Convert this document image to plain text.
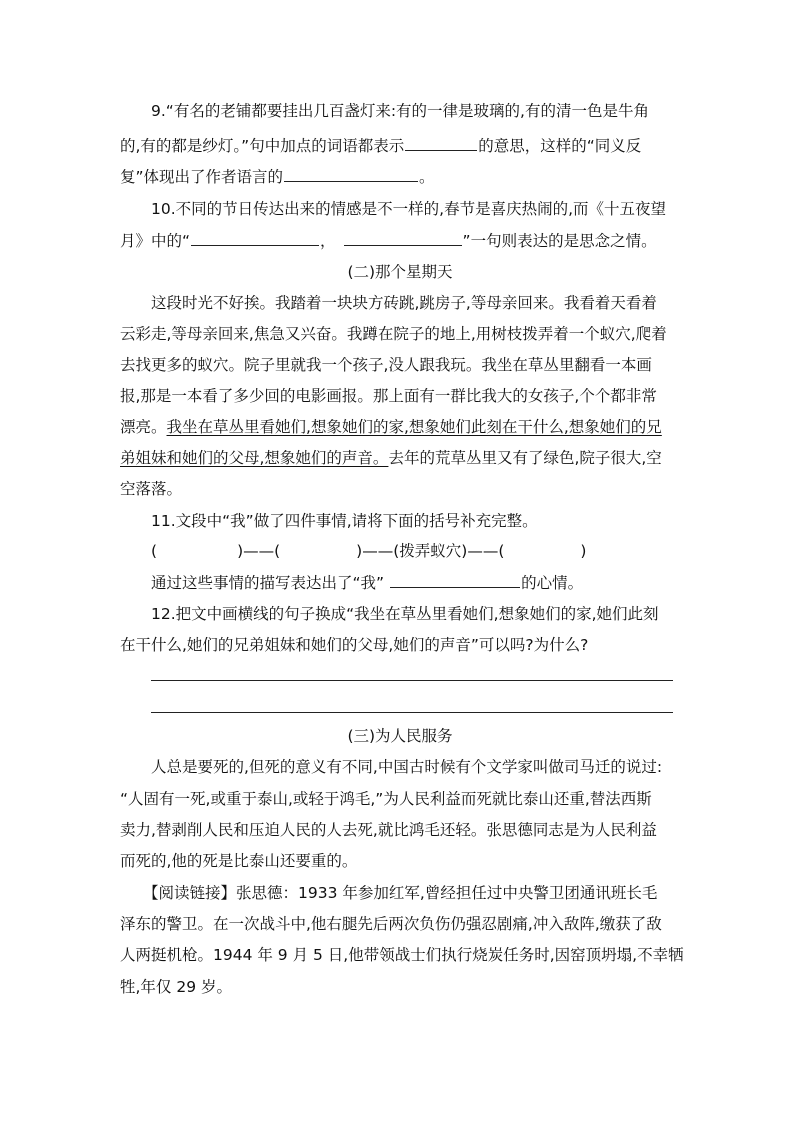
9.“有名的老铺都要挂出几百盏灯来:有的一律是玻璃的,有的清一色是牛角
的,有的都是纱灯。”句中加点的词语都表示	的意思，这样的“同义反
复”体现出了作者语言的	。
10.不同的节日传达出来的情感是不一样的,春节是喜庆热闹的,而《十五夜望
月》中的“	，	”一句则表达的是思念之情。
(二)那个星期天
这段时光不好挨。我踏着一块块方砖跳,跳房子,等母亲回来。我看着天看着
云彩走,等母亲回来,焦急又兴奋。我蹲在院子的地上,用树枝拨弄着一个蚁穴,爬着
去找更多的蚁穴。院子里就我一个孩子,没人跟我玩。我坐在草丛里翻看一本画
报,那是一本看了多少回的电影画报。那上面有一群比我大的女孩子,个个都非常
漂亮。我坐在草丛里看她们,想象她们的家,想象她们此刻在干什么,想象她们的兄
弟姐妹和她们的父母,想象她们的声音。去年的荒草丛里又有了绿色,院子很大,空
空落落。
11.文段中“我”做了四件事情,请将下面的括号补充完整。
(	)——(	)——(拨弄蚁穴)——(	)
通过这些事情的描写表达出了“我”	的心情。
12.把文中画横线的句子换成“我坐在草丛里看她们,想象她们的家,她们此刻
在干什么,她们的兄弟姐妹和她们的父母,她们的声音”可以吗?为什么?
(三)为人民服务
人总是要死的,但死的意义有不同,中国古时候有个文学家叫做司马迁的说过:
“人固有一死,或重于泰山,或轻于鸿毛,”为人民利益而死就比泰山还重,替法西斯
卖力,替剥削人民和压迫人民的人去死,就比鸿毛还轻。张思德同志是为人民利益
而死的,他的死是比泰山还要重的。
【阅读链接】张思德：1933 年参加红军,曾经担任过中央警卫团通讯班长毛
泽东的警卫。在一次战斗中,他右腿先后两次负伤仍强忍剧痛,冲入敌阵,缴获了敌
人两挺机枪。1944 年 9 月 5 日,他带领战士们执行烧炭任务时,因窑顶坍塌,不幸牺
牲,年仅 29 岁。
